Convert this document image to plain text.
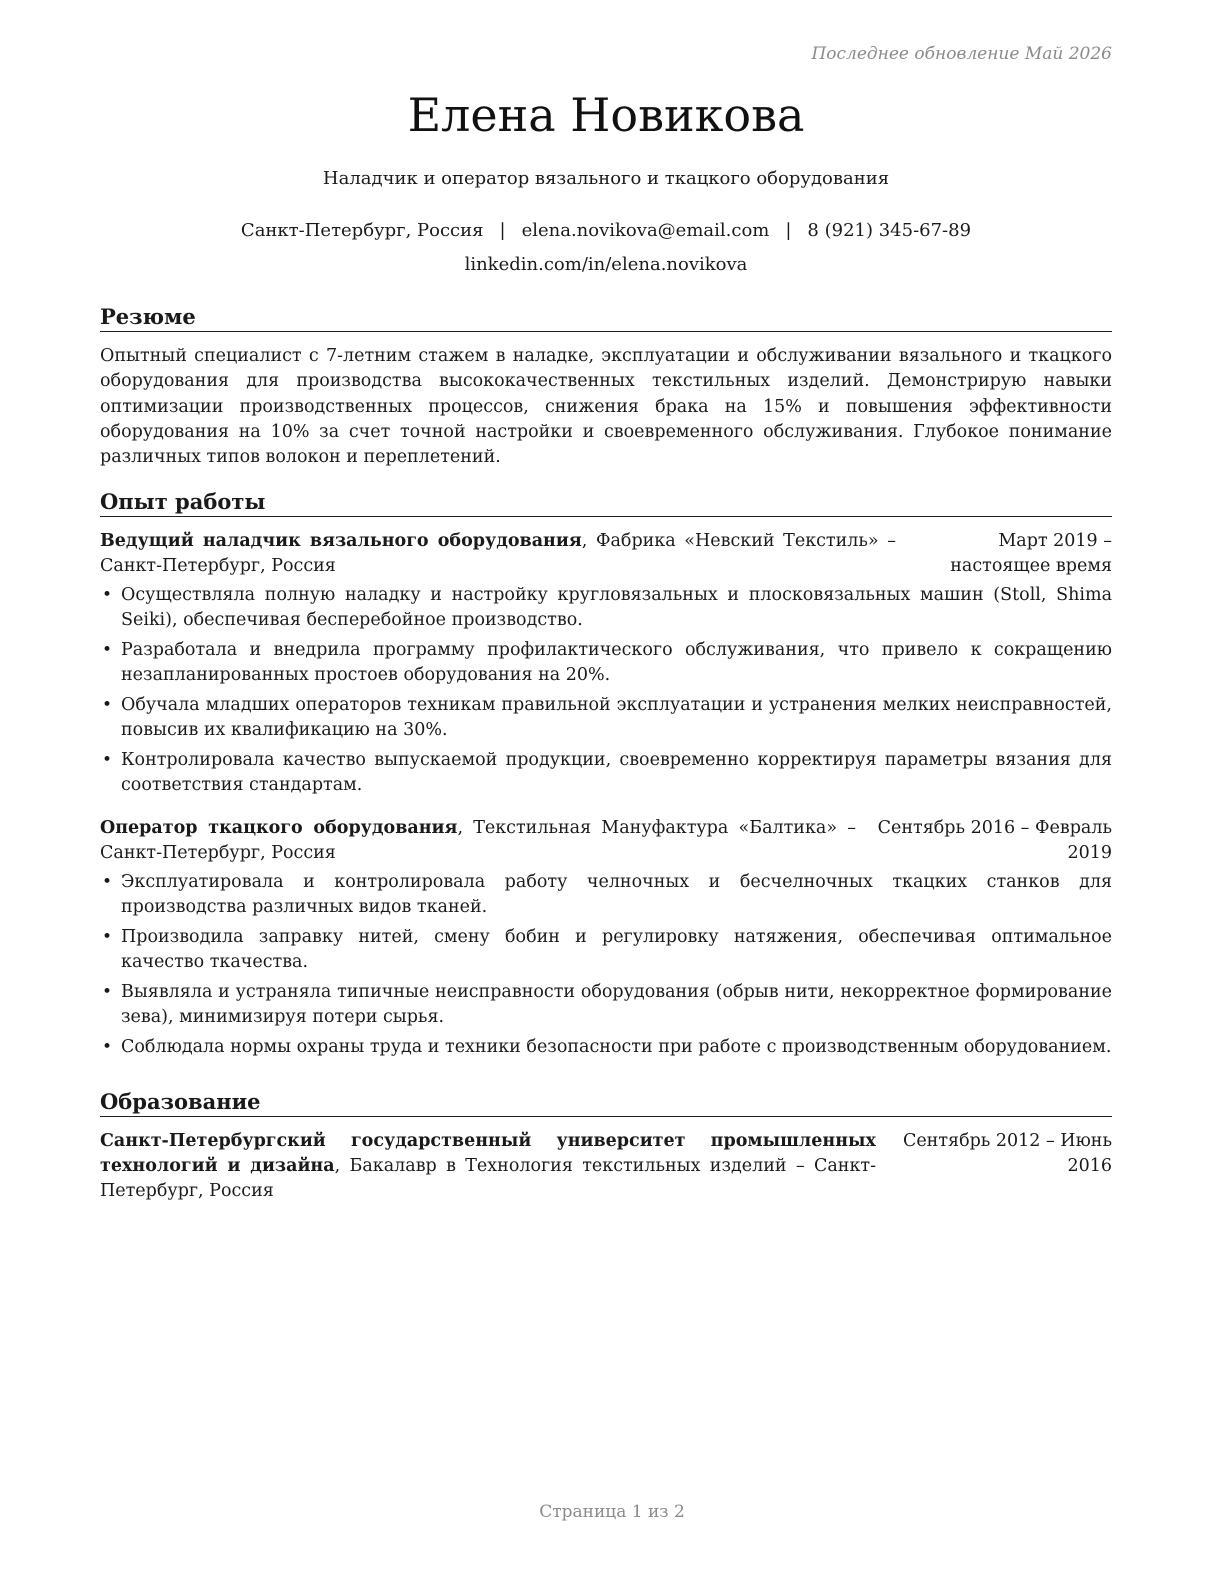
Последнее обновление Май 2026
Елена Новикова
Наладчик и оператор вязального и ткацкого оборудования
Санкт-Петербург, Россия | elena.novikova@email.com | 8 (921) 345-67-89
linkedin.com/in/elena.novikova
Резюме

Опытный специалист с 7-летним стажем в наладке, эксплуатации и обслуживании вязального и ткацкого оборудования для производства высококачественных текстильных изделий. Демонстрирую навыки оптимизации производственных процессов, снижения брака на 15% и повышения эффективности оборудования на 10% за счет точной настройки и своевременного обслуживания. Глубокое понимание различных типов волокон и переплетений.

Опыт работы
Ведущий наладчик вязального оборудования, Фабрика «Невский Текстиль» – Санкт-Петербург, Россия
Март 2019 – настоящее время
• Осуществляла полную наладку и настройку кругловязальных и плосковязальных машин (Stoll, Shima Seiki), обеспечивая бесперебойное производство.
• Разработала и внедрила программу профилактического обслуживания, что привело к сокращению незапланированных простоев оборудования на 20%.
• Обучала младших операторов техникам правильной эксплуатации и устранения мелких неисправностей, повысив их квалификацию на 30%.
• Контролировала качество выпускаемой продукции, своевременно корректируя параметры вязания для соответствия стандартам.
Оператор ткацкого оборудования, Текстильная Мануфактура «Балтика» – Санкт-Петербург, Россия
Сентябрь 2016 – Февраль 2019
• Эксплуатировала и контролировала работу челночных и бесчелночных ткацких станков для производства различных видов тканей.
• Производила заправку нитей, смену бобин и регулировку натяжения, обеспечивая оптимальное качество ткачества.
• Выявляла и устраняла типичные неисправности оборудования (обрыв нити, некорректное формирование зева), минимизируя потери сырья.
• Соблюдала нормы охраны труда и техники безопасности при работе с производственным оборудованием.
Образование
Санкт-Петербургский государственный университет промышленных технологий и дизайна, Бакалавр в Технология текстильных изделий – Санкт-Петербург, Россия
Сентябрь 2012 – Июнь 2016
Страница 1 из 2
